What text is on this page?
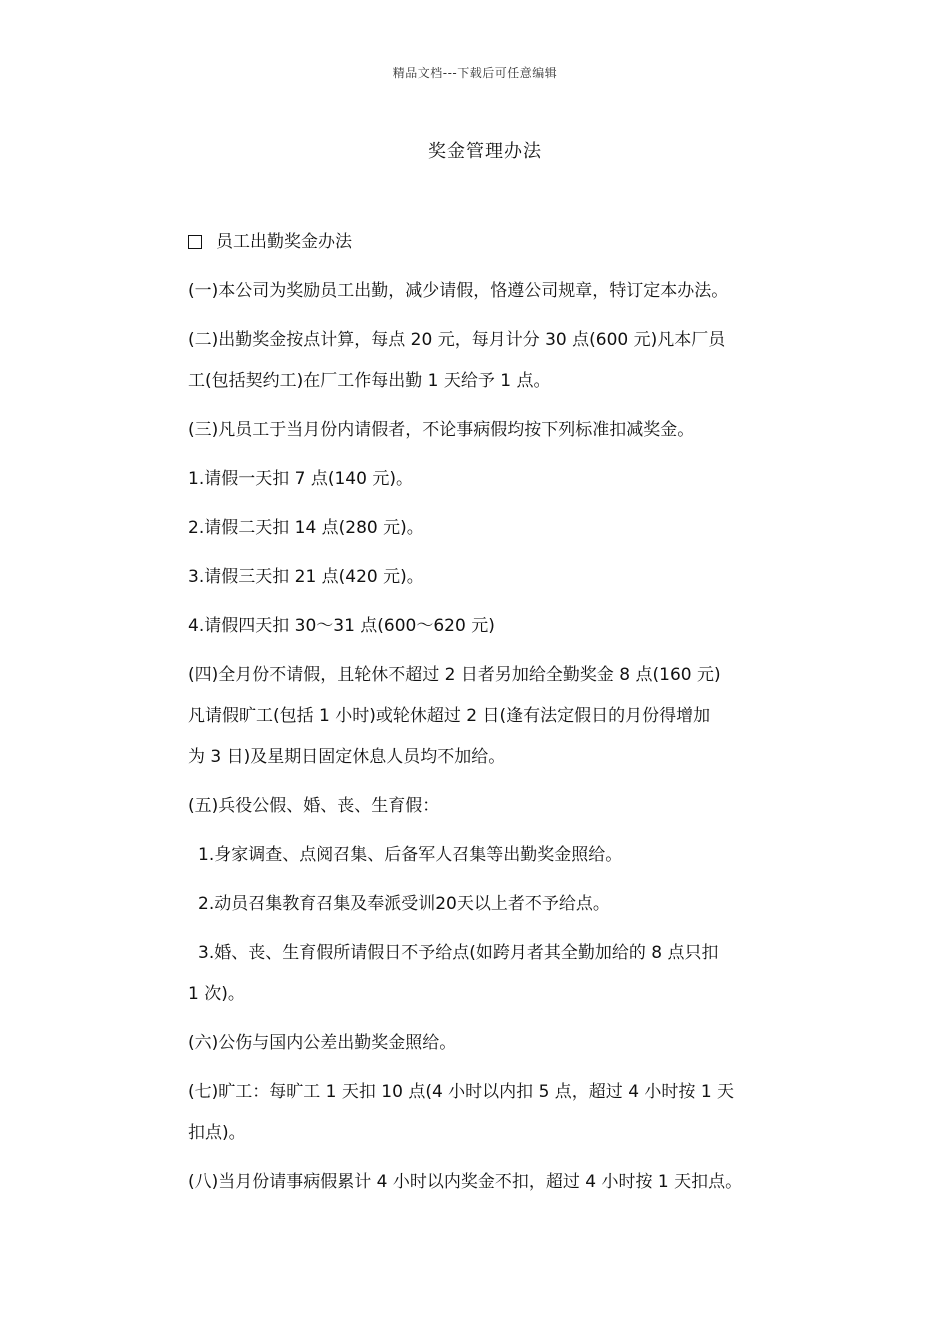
精品文档---下载后可任意编辑
奖金管理办法
员工出勤奖金办法
(一)本公司为奖励员工出勤，减少请假，恪遵公司规章，特订定本办法。
(二)出勤奖金按点计算，每点 20 元，每月计分 30 点(600 元)凡本厂员
工(包括契约工)在厂工作每出勤 1 天给予 1 点。
(三)凡员工于当月份内请假者，不论事病假均按下列标准扣减奖金。
1.请假一天扣 7 点(140 元)。
2.请假二天扣 14 点(280 元)。
3.请假三天扣 21 点(420 元)。
4.请假四天扣 30～31 点(600～620 元)
(四)全月份不请假，且轮休不超过 2 日者另加给全勤奖金 8 点(160 元)
凡请假旷工(包括 1 小时)或轮休超过 2 日(逢有法定假日的月份得增加
为 3 日)及星期日固定休息人员均不加给。
(五)兵役公假、婚、丧、生育假：
1.身家调查、点阅召集、后备军人召集等出勤奖金照给。
2.动员召集教育召集及奉派受训20天以上者不予给点。
3.婚、丧、生育假所请假日不予给点(如跨月者其全勤加给的 8 点只扣
1 次)。
(六)公伤与国内公差出勤奖金照给。
(七)旷工：每旷工 1 天扣 10 点(4 小时以内扣 5 点，超过 4 小时按 1 天
扣点)。
(八)当月份请事病假累计 4 小时以内奖金不扣，超过 4 小时按 1 天扣点。
